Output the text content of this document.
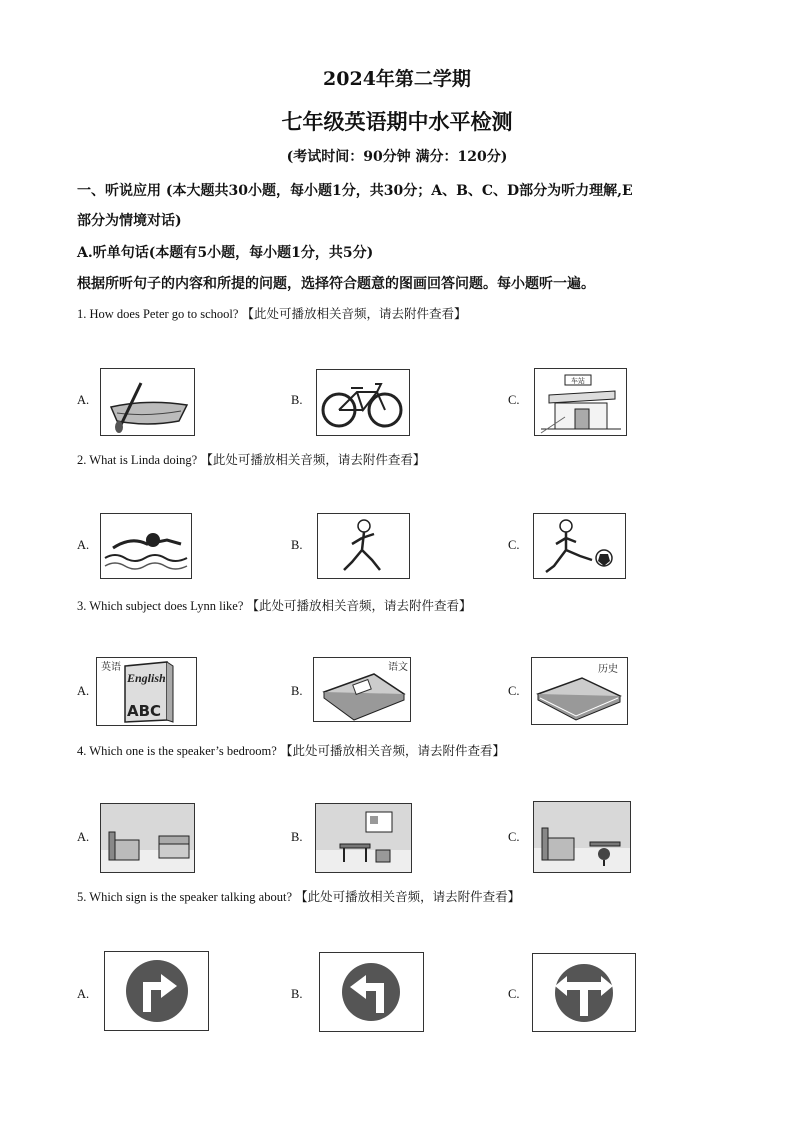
2024年第二学期
七年级英语期中水平检测
(考试时间：90分钟 满分：120分)
一、听说应用 (本大题共30小题，每小题1分，共30分；A、B、C、D部分为听力理解,E
部分为情境对话)
A.听单句话(本题有5小题，每小题1分，共5分)
根据所听句子的内容和所提的问题，选择符合题意的图画回答问题。每小题听一遍。
1. How does Peter go to school? 【此处可播放相关音频，请去附件查看】
A.	B.	C.
车站
2. What is Linda doing? 【此处可播放相关音频，请去附件查看】
A.	B.	C.
3. Which subject does Lynn like? 【此处可播放相关音频，请去附件查看】
A.
英语
English
ABC
B.
语文
C.
历史
4. Which one is the speaker’s bedroom? 【此处可播放相关音频，请去附件查看】
A.	B.	C.
5. Which sign is the speaker talking about? 【此处可播放相关音频，请去附件查看】
A.	B.	C.
